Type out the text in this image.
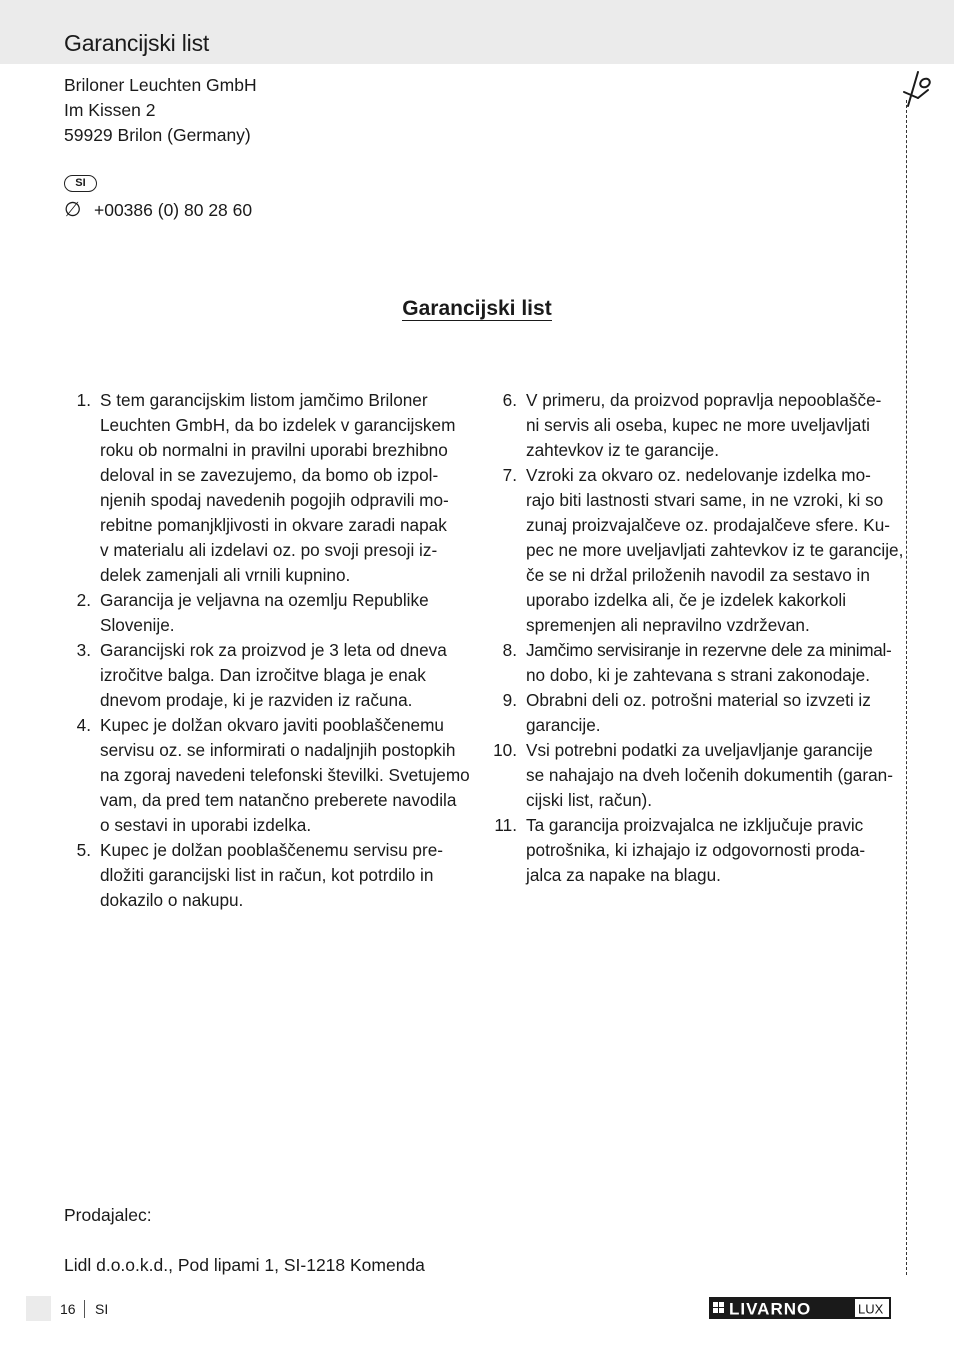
Garancijski list
Briloner Leuchten GmbH
Im Kissen 2
59929 Brilon (Germany)
SI
∅ +00386 (0) 80 28 60
Garancijski list
1. S tem garancijskim listom jamčimo Briloner
Leuchten GmbH, da bo izdelek v garancijskem
roku ob normalni in pravilni uporabi brezhibno
deloval in se zavezujemo, da bomo ob izpol-
njenih spodaj navedenih pogojih odpravili mo-
rebitne pomanjkljivosti in okvare zaradi napak
v materialu ali izdelavi oz. po svoji presoji iz-
delek zamenjali ali vrnili kupnino.
2. Garancija je veljavna na ozemlju Republike
Slovenije.
3. Garancijski rok za proizvod je 3 leta od dneva
izročitve balga. Dan izročitve blaga je enak
dnevom prodaje, ki je razviden iz računa.
4. Kupec je dolžan okvaro javiti pooblaščenemu
servisu oz. se informirati o nadaljnjih postopkih
na zgoraj navedeni telefonski številki. Svetujemo
vam, da pred tem natančno preberete navodila
o sestavi in uporabi izdelka.
5. Kupec je dolžan pooblaščenemu servisu pre-
dložiti garancijski list in račun, kot potrdilo in
dokazilo o nakupu.
6. V primeru, da proizvod popravlja nepooblašče-
ni servis ali oseba, kupec ne more uveljavljati
zahtevkov iz te garancije.
7. Vzroki za okvaro oz. nedelovanje izdelka mo-
rajo biti lastnosti stvari same, in ne vzroki, ki so
zunaj proizvajalčeve oz. prodajalčeve sfere. Ku-
pec ne more uveljavljati zahtevkov iz te garancije,
če se ni držal priloženih navodil za sestavo in
uporabo izdelka ali, če je izdelek kakorkoli
spremenjen ali nepravilno vzdrževan.
8. Jamčimo servisiranje in rezervne dele za minimal-
no dobo, ki je zahtevana s strani zakonodaje.
9. Obrabni deli oz. potrošni material so izvzeti iz
garancije.
10. Vsi potrebni podatki za uveljavljanje garancije
se nahajajo na dveh ločenih dokumentih (garan-
cijski list, račun).
11. Ta garancija proizvajalca ne izključuje pravic
potrošnika, ki izhajajo iz odgovornosti proda-
jalca za napake na blagu.
Prodajalec:
Lidl d.o.o.k.d., Pod lipami 1, SI-1218 Komenda
16	SI	LIVARNO	LUX
